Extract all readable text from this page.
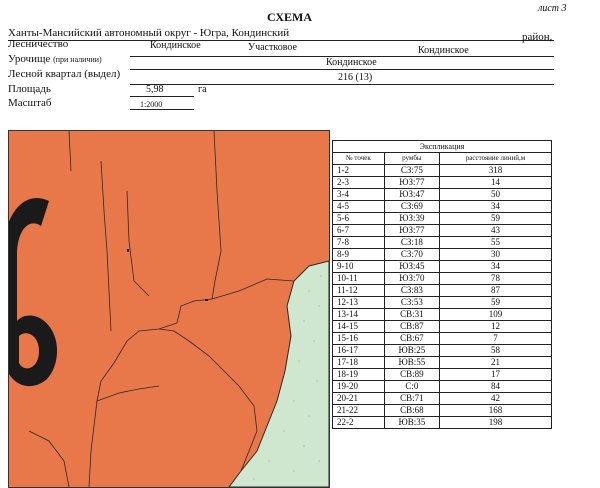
лист 3
СХЕМА
Ханты-Мансийский автономный округ - Югра, Кондинский	район,
Лесничество	Кондинское	Участковое	Кондинское
Урочище (при наличии)	Кондинское
Лесной квартал (выдел)	216 (13)
Площадь	5,98	га
Масштаб	1:2000
Экспликация		
№ точек	румбы	расстояние линий,м
1-2	СЗ:75	318
2-3	ЮЗ:77	14
3-4	ЮЗ:47	50
4-5	СЗ:69	34
5-6	ЮЗ:39	59
6-7	ЮЗ:77	43
7-8	СЗ:18	55
8-9	СЗ:70	30
9-10	ЮЗ:45	34
10-11	ЮЗ:70	78
11-12	СЗ:83	87
12-13	СЗ:53	59
13-14	СВ:31	109
14-15	СВ:87	12
15-16	СВ:67	7
16-17	ЮВ:25	58
17-18	ЮВ:55	21
18-19	СВ:89	17
19-20	С:0	84
20-21	СВ:71	42
21-22	СВ:68	168
22-2	ЮВ:35	198
